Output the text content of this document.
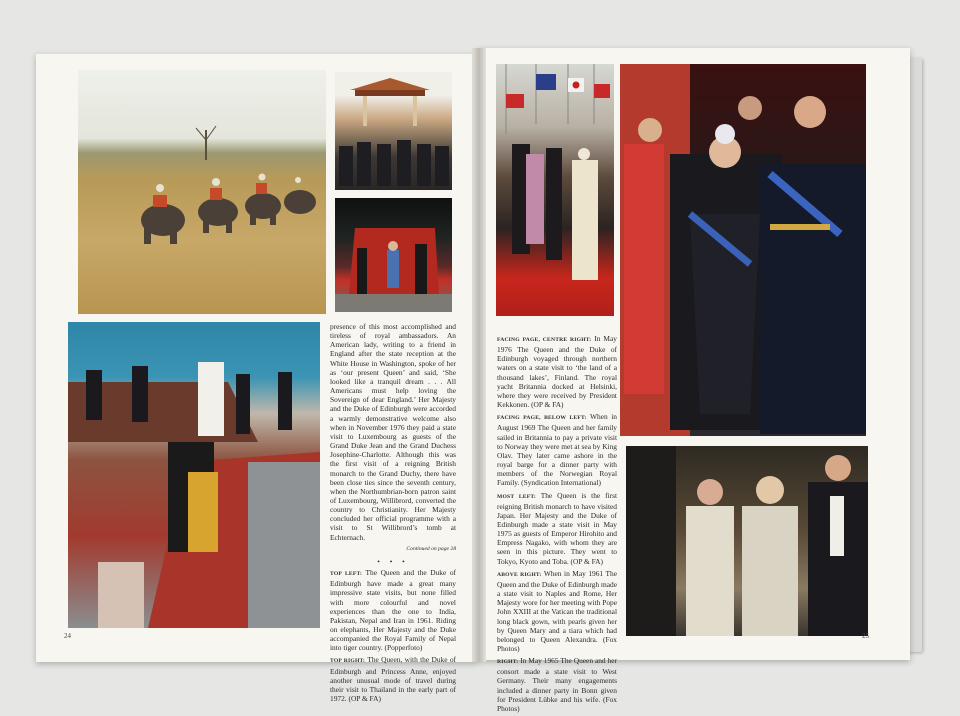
presence of this most accomplished and tireless of royal ambassadors. An American lady, writing to a friend in England after the state reception at the White House in Washington, spoke of her as ‘our present Queen’ and said, ‘She looked like a tranquil dream . . . All Americans must help loving the Sovereign of dear England.’ Her Majesty and the Duke of Edinburgh were accorded a warmly demonstrative welcome also when in November 1976 they paid a state visit to Luxembourg as guests of the Grand Duke Jean and the Grand Duchess Josephine-Charlotte. Although this was the first visit of a reigning British monarch to the Grand Duchy, there have been close ties since the seventh century, when the Northumbrian-born patron saint of Luxembourg, Willibrord, converted the country to Christianity. Her Majesty concluded her official programme with a visit to St Willibrord’s tomb at Echternach.

Continued on page 28
• • •

TOP LEFT: The Queen and the Duke of Edinburgh have made a great many impressive state visits, but none filled with more colourful and novel experiences than the one to India, Pakistan, Nepal and Iran in 1961. Riding on elephants, Her Majesty and the Duke accompanied the Royal Family of Nepal into tiger country. (Popperfoto)

TOP RIGHT: The Queen, with the Duke of Edinburgh and Princess Anne, enjoyed another unusual mode of travel during their visit to Thailand in the early part of 1972. (OP & FA)

24

FACING PAGE, CENTRE RIGHT: In May 1976 The Queen and the Duke of Edinburgh voyaged through northern waters on a state visit to ‘the land of a thousand lakes’, Finland. The royal yacht Britannia docked at Helsinki, where they were received by President Kekkonen. (OP & FA)

FACING PAGE, BELOW LEFT: When in August 1969 The Queen and her family sailed in Britannia to pay a private visit to Norway they were met at sea by King Olav. They later came ashore in the royal barge for a dinner party with members of the Norwegian Royal Family. (Syndication International)

MOST LEFT: The Queen is the first reigning British monarch to have visited Japan. Her Majesty and the Duke of Edinburgh made a state visit in May 1975 as guests of Emperor Hirohito and Empress Nagako, with whom they are seen in this picture. They went to Tokyo, Kyoto and Toba. (OP & FA)

ABOVE RIGHT: When in May 1961 The Queen and the Duke of Edinburgh made a state visit to Naples and Rome, Her Majesty wore for her meeting with Pope John XXIII at the Vatican the traditional long black gown, with pearls given her by Queen Mary and a tiara which had belonged to Queen Alexandra. (Fox Photos)

RIGHT: In May 1965 The Queen and her consort made a state visit to West Germany. Their many engagements included a dinner party in Bonn given for President Lübke and his wife. (Fox Photos)

25
